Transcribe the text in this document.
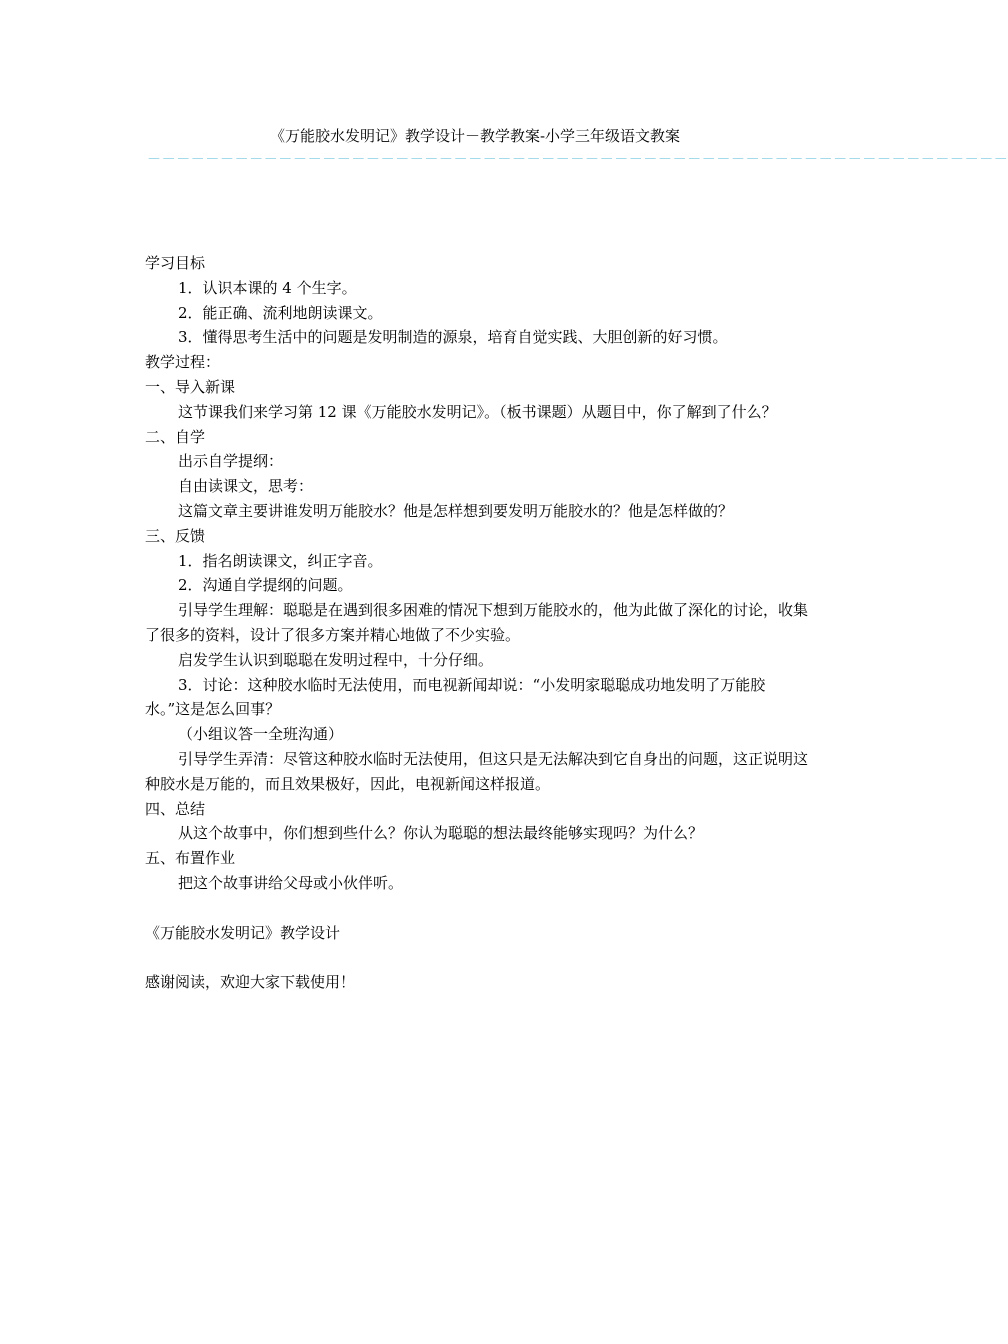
《万能胶水发明记》教学设计－教学教案-小学三年级语文教案
－－－－－－－－－－－－－－－－－－－－－－－－－－－－－－－－－－－－－－－－－－－－－－－－－－－－－－－－－－－

学习目标

1．认识本课的 4 个生字。

2．能正确、流利地朗读课文。

3．懂得思考生活中的问题是发明制造的源泉，培育自觉实践、大胆创新的好习惯。

教学过程：

一、导入新课

这节课我们来学习第 12 课《万能胶水发明记》。（板书课题）从题目中，你了解到了什么？

二、自学

出示自学提纲：

自由读课文，思考：

这篇文章主要讲谁发明万能胶水？他是怎样想到要发明万能胶水的？他是怎样做的？

三、反馈

1．指名朗读课文，纠正字音。

2．沟通自学提纲的问题。

引导学生理解：聪聪是在遇到很多困难的情况下想到万能胶水的，他为此做了深化的讨论，收集了很多的资料，设计了很多方案并精心地做了不少实验。

启发学生认识到聪聪在发明过程中，十分仔细。

3．讨论：这种胶水临时无法使用，而电视新闻却说：“小发明家聪聪成功地发明了万能胶水。”这是怎么回事？

（小组议答一全班沟通）

引导学生弄清：尽管这种胶水临时无法使用，但这只是无法解决到它自身出的问题，这正说明这种胶水是万能的，而且效果极好，因此，电视新闻这样报道。

四、总结

从这个故事中，你们想到些什么？你认为聪聪的想法最终能够实现吗？为什么？

五、布置作业

把这个故事讲给父母或小伙伴听。

《万能胶水发明记》教学设计

感谢阅读，欢迎大家下载使用！
